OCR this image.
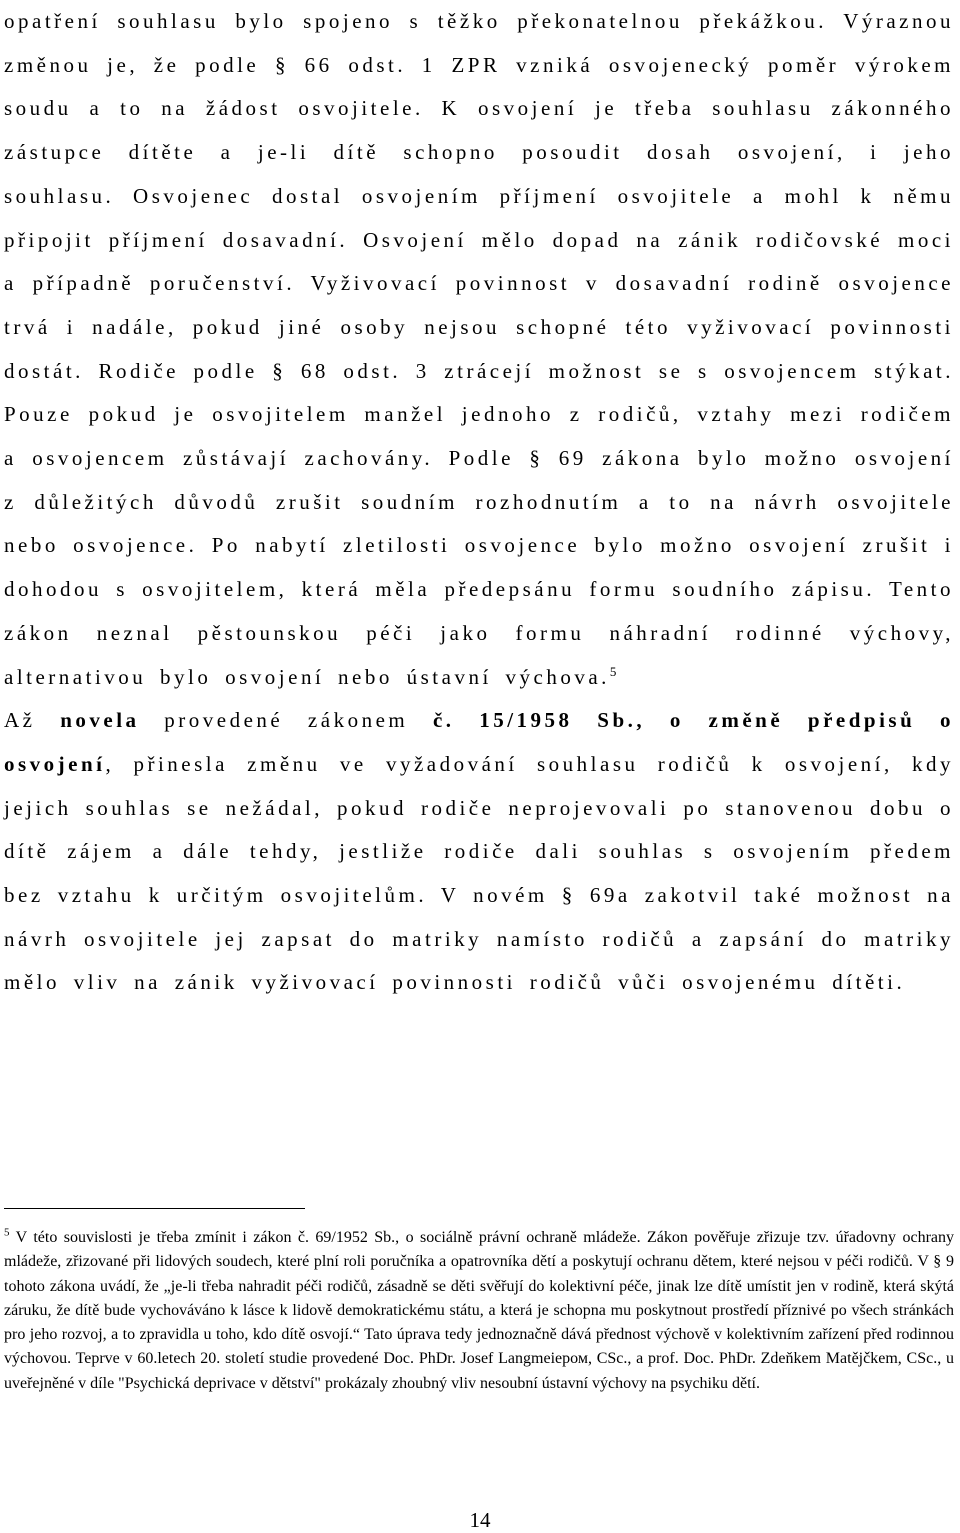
opatření souhlasu bylo spojeno s těžko překonatelnou překážkou. Výraznou změnou je, že podle § 66 odst. 1 ZPR vzniká osvojenecký poměr výrokem soudu a to na žádost osvojitele. K osvojení je třeba souhlasu zákonného zástupce dítěte a je-li dítě schopno posoudit dosah osvojení, i jeho souhlasu. Osvojenec dostal osvojením příjmení osvojitele a mohl k němu připojit příjmení dosavadní. Osvojení mělo dopad na zánik rodičovské moci a případně poručenství. Vyživovací povinnost v dosavadní rodině osvojence trvá i nadále, pokud jiné osoby nejsou schopné této vyživovací povinnosti dostát. Rodiče podle § 68 odst. 3 ztrácejí možnost se s osvojencem stýkat. Pouze pokud je osvojitelem manžel jednoho z rodičů, vztahy mezi rodičem a osvojencem zůstávají zachovány. Podle § 69 zákona bylo možno osvojení z důležitých důvodů zrušit soudním rozhodnutím a to na návrh osvojitele nebo osvojence. Po nabytí zletilosti osvojence bylo možno osvojení zrušit i dohodou s osvojitelem, která měla předepsánu formu soudního zápisu. Tento zákon neznal pěstounskou péči jako formu náhradní rodinné výchovy, alternativou bylo osvojení nebo ústavní výchova.$^5$
Až novela provedené zákonem č. 15/1958 Sb., o změně předpisů o osvojení, přinesla změnu ve vyžadování souhlasu rodičů k osvojení, kdy jejich souhlas se nežádal, pokud rodiče neprojevovali po stanovenou dobu o dítě zájem a dále tehdy, jestliže rodiče dali souhlas s osvojením předem bez vztahu k určitým osvojitelům. V novém § 69a zakotvil také možnost na návrh osvojitele jej zapsat do matriky namísto rodičů a zapsání do matriky mělo vliv na zánik vyživovací povinnosti rodičů vůči osvojenému dítěti.

$^5$ V této souvislosti je třeba zmínit i zákon č. 69/1952 Sb., o sociálně právní ochraně mládeže. Zákon pověřuje zřizuje tzv. úřadovny ochrany mládeže, zřizované při lidových soudech, které plní roli poručníka a opatrovníka dětí a poskytují ochranu dětem, které nejsou v péči rodičů. V § 9 tohoto zákona uvádí, že „je-li třeba nahradit péči rodičů, zásadně se děti svěřují do kolektivní péče, jinak lze dítě umístit jen v rodině, která skýtá záruku, že dítě bude vychováváno k lásce k lidově demokratickému státu, a která je schopna mu poskytnout prostředí příznivé po všech stránkách pro jeho rozvoj, a to zpravidla u toho, kdo dítě osvojí.“ Tato úprava tedy jednoznačně dává přednost výchově v kolektivním zařízení před rodinnou výchovou. Teprve v 60.letech 20. století studie provedené Doc. PhDr. Josef Langmeiером, CSc., a prof. Doc. PhDr. Zdeňkem Matějčkem, CSc., u uveřejněné v díle "Psychická deprivace v dětství" prokázaly zhoubný vliv nesoubní ústavní výchovy na psychiku dětí.

14
